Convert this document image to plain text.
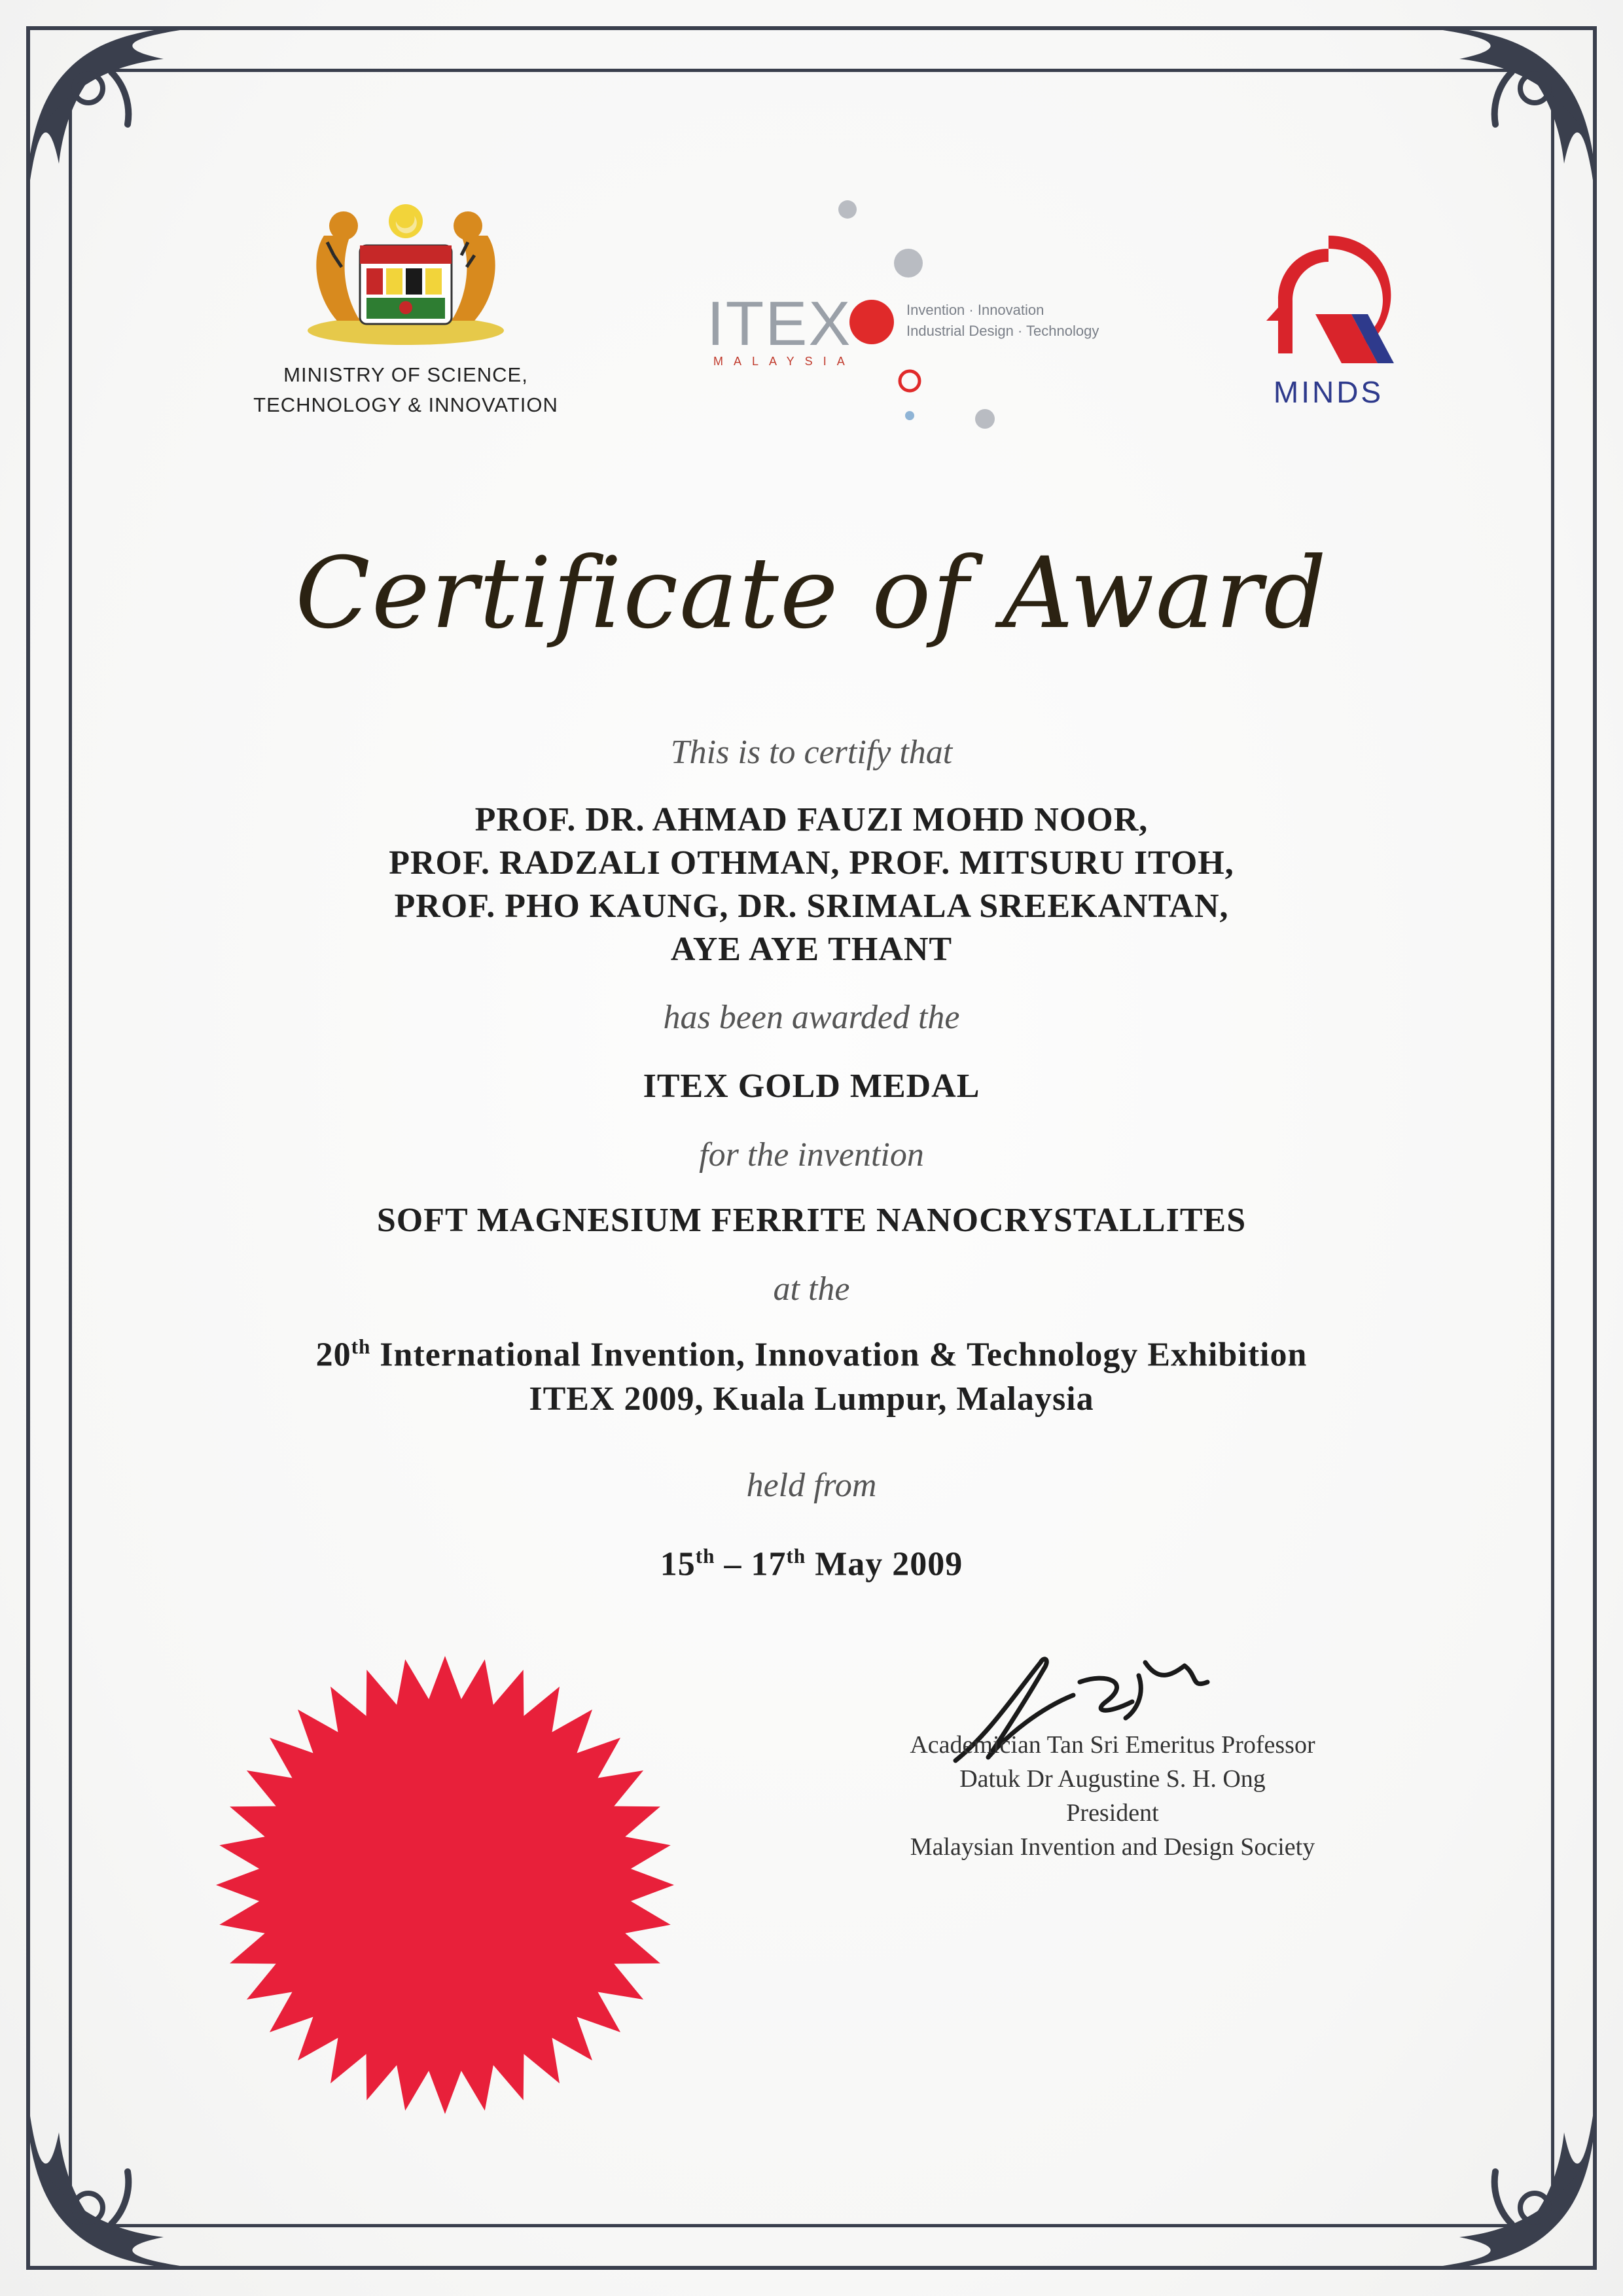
MINISTRY OF SCIENCE,
TECHNOLOGY & INNOVATION
ITEX
MALAYSIA
Invention · Innovation
Industrial Design · Technology
MINDS
Certificate of Award
This is to certify that
PROF. DR. AHMAD FAUZI MOHD NOOR,
PROF. RADZALI OTHMAN, PROF. MITSURU ITOH,
PROF. PHO KAUNG, DR. SRIMALA SREEKANTAN,
AYE AYE THANT
has been awarded the
ITEX GOLD MEDAL
for the invention
SOFT MAGNESIUM FERRITE NANOCRYSTALLITES
at the
20th International Invention, Innovation & Technology Exhibition
ITEX 2009, Kuala Lumpur, Malaysia
held from
15th – 17th May 2009
Academician Tan Sri Emeritus Professor
Datuk Dr Augustine S. H. Ong
President
Malaysian Invention and Design Society
